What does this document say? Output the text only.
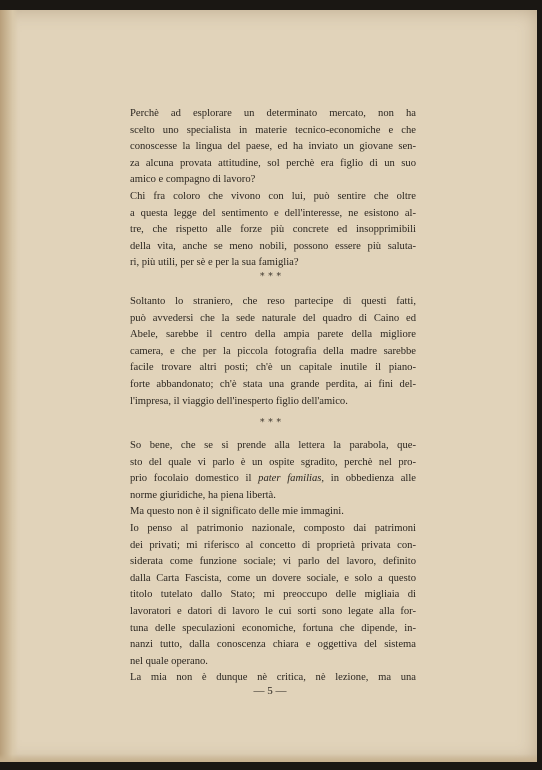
Perchè ad esplorare un determinato mercato, non ha
scelto uno specialista in materie tecnico-economiche e che
conoscesse la lingua del paese, ed ha inviato un giovane sen-
za alcuna provata attitudine, sol perchè era figlio di un suo
amico e compagno di lavoro?
Chi fra coloro che vivono con lui, può sentire che oltre
a questa legge del sentimento e dell'interesse, ne esistono al-
tre, che rispetto alle forze più concrete ed insopprimibili
della vita, anche se meno nobili, possono essere più saluta-
ri, più utili, per sè e per la sua famiglia?
* * *
Soltanto lo straniero, che reso partecipe di questi fatti,
può avvedersi che la sede naturale del quadro di Caino ed
Abele, sarebbe il centro della ampia parete della migliore
camera, e che per la piccola fotografia della madre sarebbe
facile trovare altri posti; ch'è un capitale inutile il piano-
forte abbandonato; ch'è stata una grande perdita, ai fini del-
l'impresa, il viaggio dell'inesperto figlio dell'amico.
* * *
So bene, che se si prende alla lettera la parabola, que-
sto del quale vi parlo è un ospite sgradito, perchè nel pro-
prio focolaio domestico il pater familias, in obbedienza alle
norme giuridiche, ha piena libertà.
Ma questo non è il significato delle mie immagini.
Io penso al patrimonio nazionale, composto dai patrimoni
dei privati; mi riferisco al concetto di proprietà privata con-
siderata come funzione sociale; vi parlo del lavoro, definito
dalla Carta Fascista, come un dovere sociale, e solo a questo
titolo tutelato dallo Stato; mi preoccupo delle migliaia di
lavoratori e datori di lavoro le cui sorti sono legate alla for-
tuna delle speculazioni economiche, fortuna che dipende, in-
nanzi tutto, dalla conoscenza chiara e oggettiva del sistema
nel quale operano.
La mia non è dunque nè critica, nè lezione, ma una
— 5 —
